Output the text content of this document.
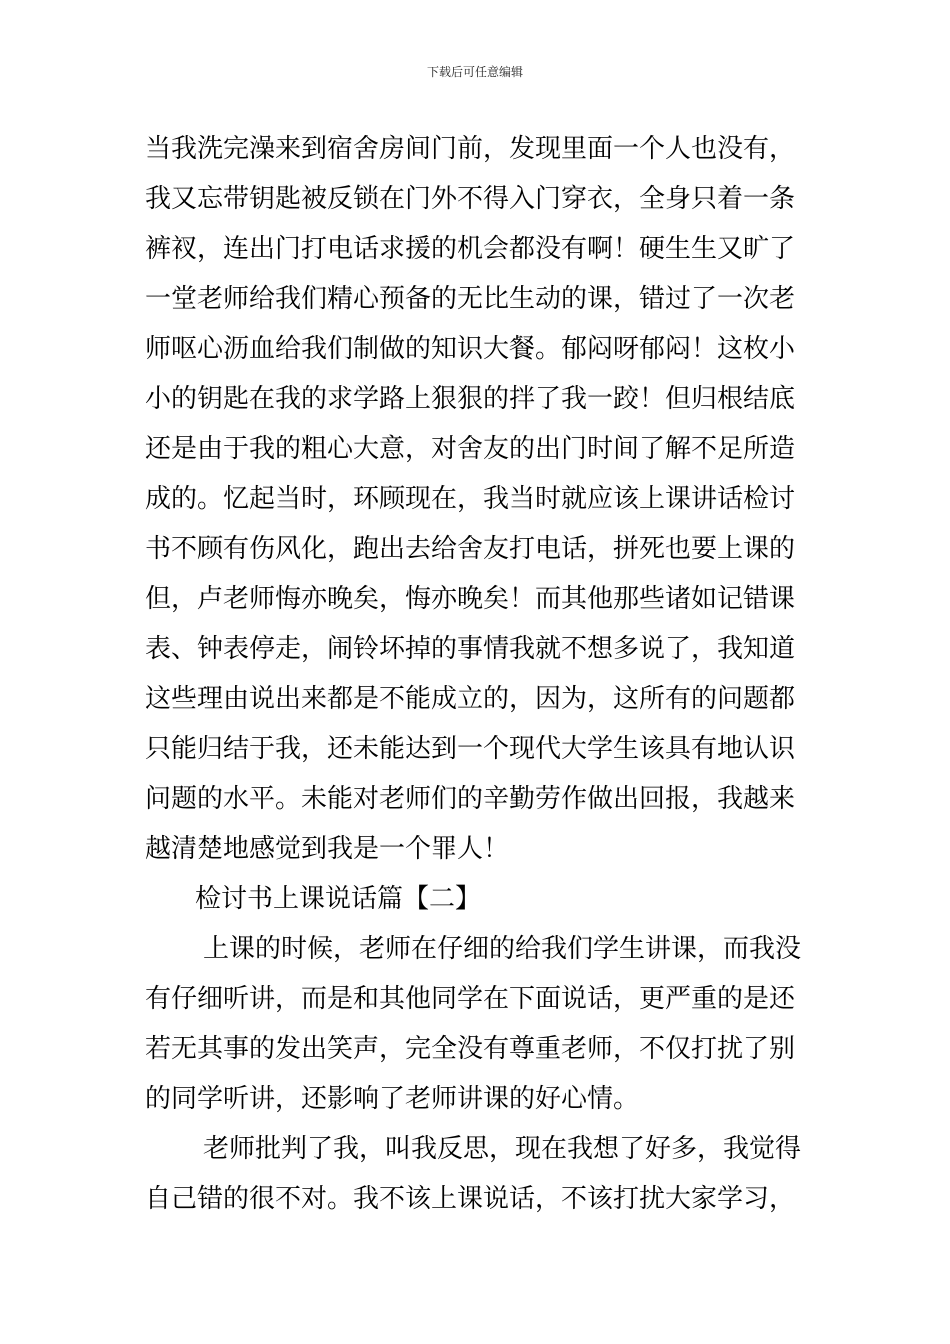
下载后可任意编辑
当我洗完澡来到宿舍房间门前，发现里面一个人也没有，
我又忘带钥匙被反锁在门外不得入门穿衣，全身只着一条
裤衩，连出门打电话求援的机会都没有啊！硬生生又旷了
一堂老师给我们精心预备的无比生动的课，错过了一次老
师呕心沥血给我们制做的知识大餐。郁闷呀郁闷！这枚小
小的钥匙在我的求学路上狠狠的拌了我一跤！但归根结底
还是由于我的粗心大意，对舍友的出门时间了解不足所造
成的。忆起当时，环顾现在，我当时就应该上课讲话检讨
书不顾有伤风化，跑出去给舍友打电话，拼死也要上课的
但，卢老师悔亦晚矣，悔亦晚矣！而其他那些诸如记错课
表、钟表停走，闹铃坏掉的事情我就不想多说了，我知道
这些理由说出来都是不能成立的，因为，这所有的问题都
只能归结于我，还未能达到一个现代大学生该具有地认识
问题的水平。未能对老师们的辛勤劳作做出回报，我越来
越清楚地感觉到我是一个罪人！
检讨书上课说话篇【二】
上课的时候，老师在仔细的给我们学生讲课，而我没
有仔细听讲，而是和其他同学在下面说话，更严重的是还
若无其事的发出笑声，完全没有尊重老师，不仅打扰了别
的同学听讲，还影响了老师讲课的好心情。
老师批判了我，叫我反思，现在我想了好多，我觉得
自己错的很不对。我不该上课说话，不该打扰大家学习，
